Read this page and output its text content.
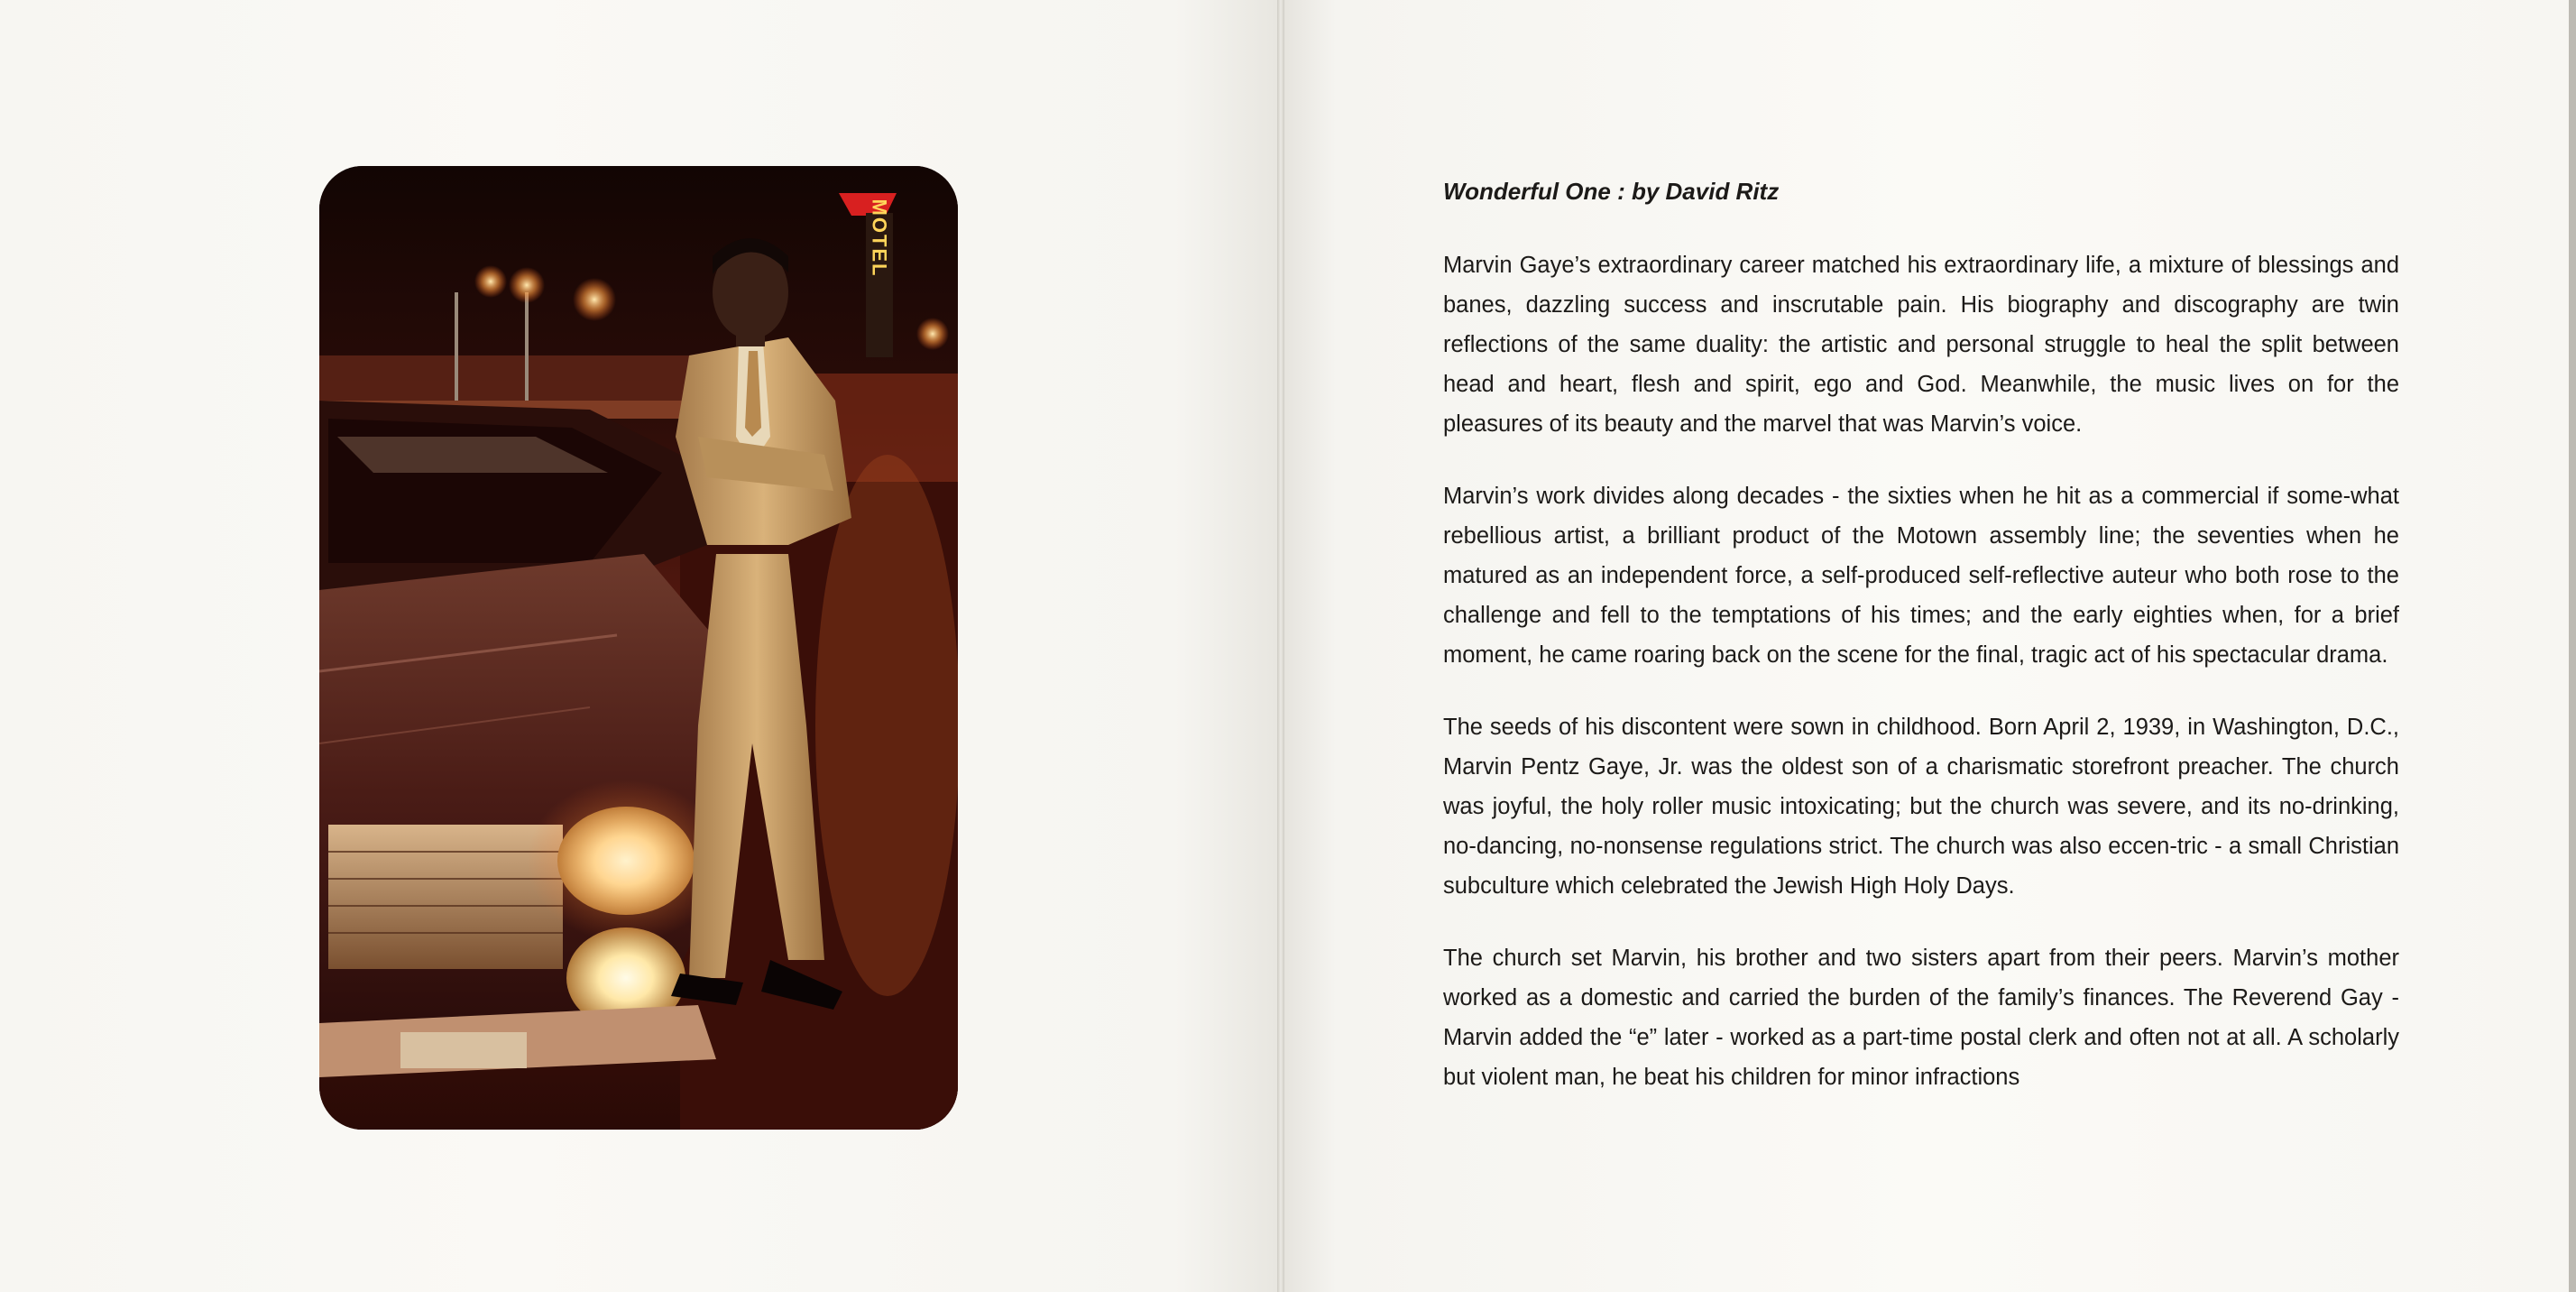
MOTEL
Wonderful One : by David Ritz

Marvin Gaye’s extraordinary career matched his extraordinary life, a mixture of blessings and banes, dazzling success and inscrutable pain. His biography and discography are twin reflections of the same duality: the artistic and personal struggle to heal the split between head and heart, flesh and spirit, ego and God. Meanwhile, the music lives on for the pleasures of its beauty and the marvel that was Marvin’s voice.

Marvin’s work divides along decades - the sixties when he hit as a commercial if some-what rebellious artist, a brilliant product of the Motown assembly line; the seventies when he matured as an independent force, a self-produced self-reflective auteur who both rose to the challenge and fell to the temptations of his times; and the early eighties when, for a brief moment, he came roaring back on the scene for the final, tragic act of his spectacular drama.

The seeds of his discontent were sown in childhood. Born April 2, 1939, in Washington, D.C., Marvin Pentz Gaye, Jr. was the oldest son of a charismatic storefront preacher. The church was joyful, the holy roller music intoxicating; but the church was severe, and its no-drinking, no-dancing, no-nonsense regulations strict. The church was also eccen-tric - a small Christian subculture which celebrated the Jewish High Holy Days.

The church set Marvin, his brother and two sisters apart from their peers. Marvin’s mother worked as a domestic and carried the burden of the family’s finances. The Reverend Gay - Marvin added the “e” later - worked as a part-time postal clerk and often not at all. A scholarly but violent man, he beat his children for minor infractions
